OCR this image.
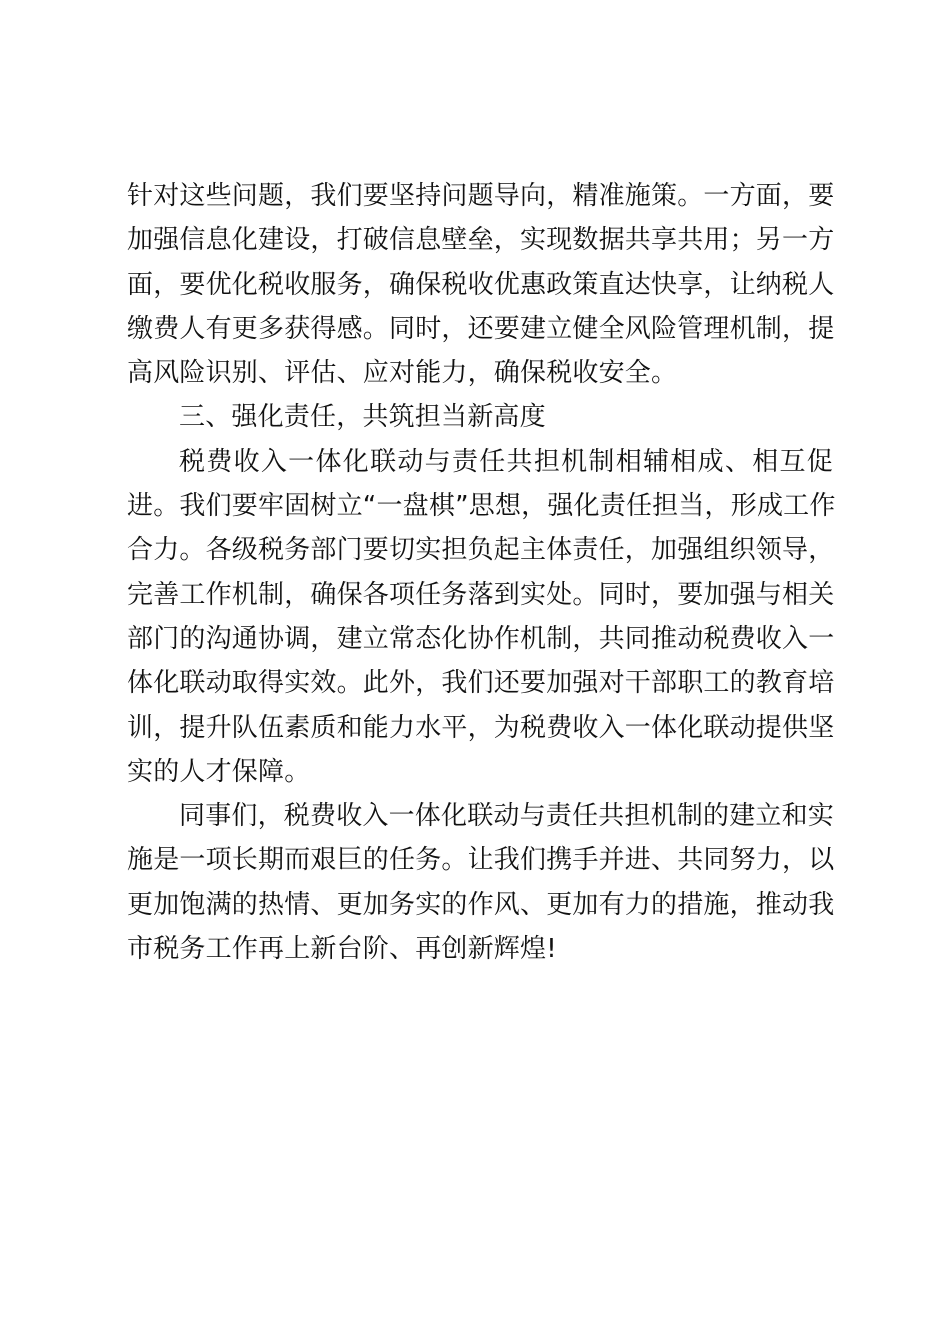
针对这些问题，我们要坚持问题导向，精准施策。一方面，要
加强信息化建设，打破信息壁垒，实现数据共享共用；另一方
面，要优化税收服务，确保税收优惠政策直达快享，让纳税人
缴费人有更多获得感。同时，还要建立健全风险管理机制，提
高风险识别、评估、应对能力，确保税收安全。
三、强化责任，共筑担当新高度
税费收入一体化联动与责任共担机制相辅相成、相互促
进。我们要牢固树立“一盘棋”思想，强化责任担当，形成工作
合力。各级税务部门要切实担负起主体责任，加强组织领导，
完善工作机制，确保各项任务落到实处。同时，要加强与相关
部门的沟通协调，建立常态化协作机制，共同推动税费收入一
体化联动取得实效。此外，我们还要加强对干部职工的教育培
训，提升队伍素质和能力水平，为税费收入一体化联动提供坚
实的人才保障。
同事们，税费收入一体化联动与责任共担机制的建立和实
施是一项长期而艰巨的任务。让我们携手并进、共同努力，以
更加饱满的热情、更加务实的作风、更加有力的措施，推动我
市税务工作再上新台阶、再创新辉煌!
